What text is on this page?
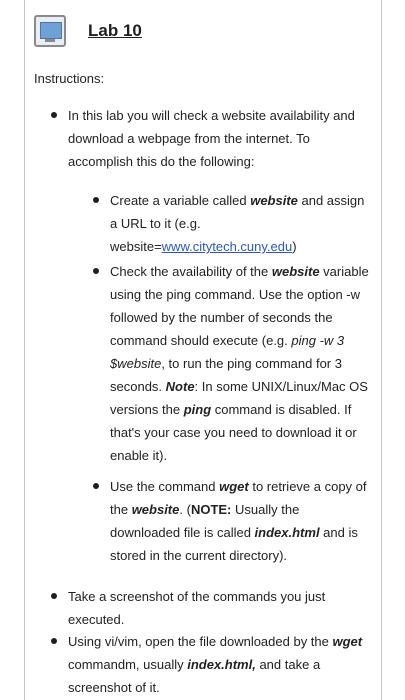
Lab 10
Instructions:
In this lab you will check a website availability and
download a webpage from the internet. To
accomplish this do the following:
Create a variable called website and assign
a URL to it (e.g.
website=www.citytech.cuny.edu)
Check the availability of the website variable
using the ping command. Use the option -w
followed by the number of seconds the
command should execute (e.g. ping -w 3
$website, to run the ping command for 3
seconds. Note: In some UNIX/Linux/Mac OS
versions the ping command is disabled. If
that's your case you need to download it or
enable it).
Use the command wget to retrieve a copy of
the website. (NOTE: Usually the
downloaded file is called index.html and is
stored in the current directory).
Take a screenshot of the commands you just
executed.
Using vi/vim, open the file downloaded by the wget
commandm, usually index.html, and take a
screenshot of it.
